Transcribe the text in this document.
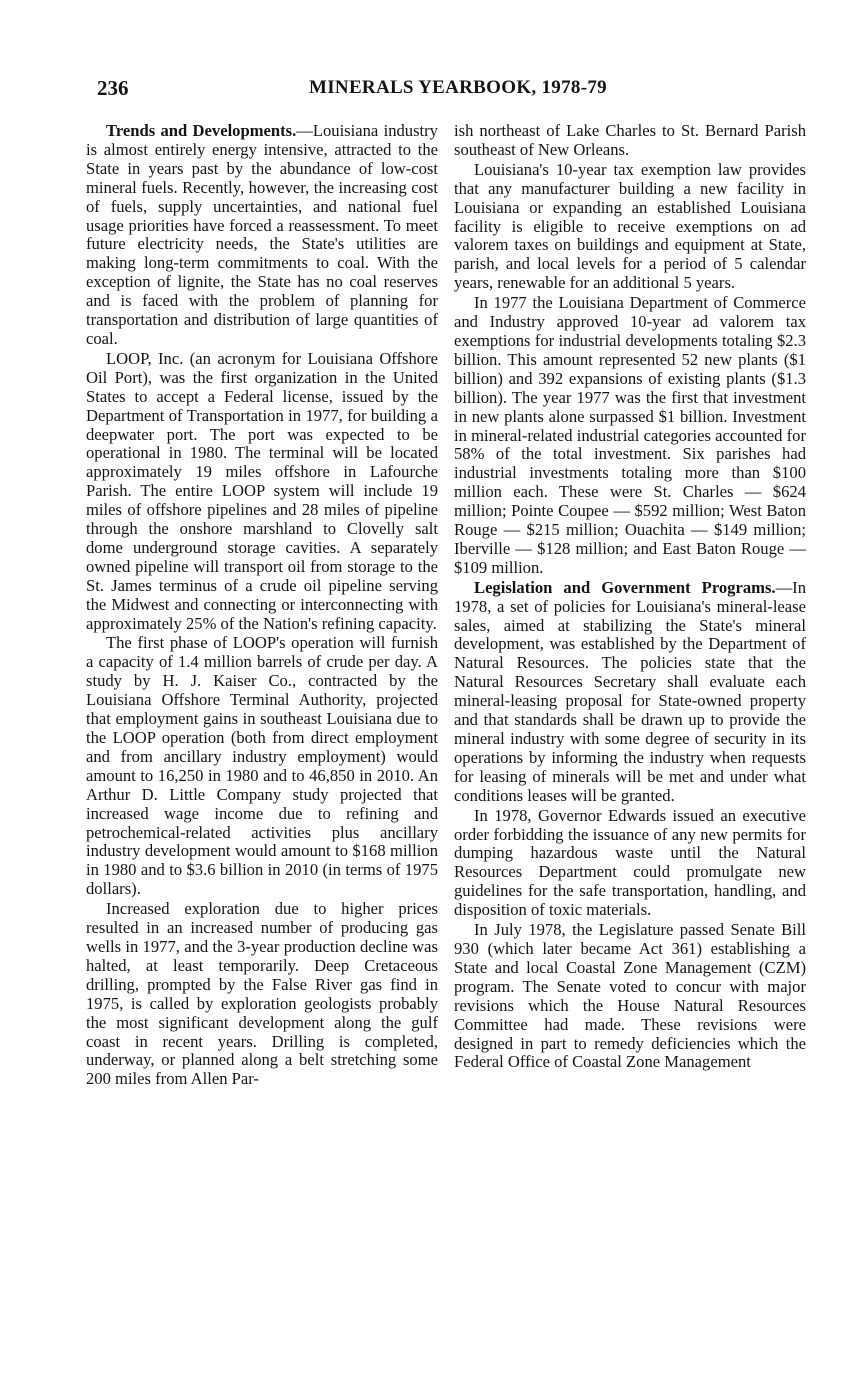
236	MINERALS YEARBOOK, 1978-79

Trends and Developments.—Louisiana industry is almost entirely energy intensive, attracted to the State in years past by the abundance of low-cost mineral fuels. Recently, however, the increasing cost of fuels, supply uncertainties, and national fuel usage priorities have forced a reassessment. To meet future electricity needs, the State's utilities are making long-term commitments to coal. With the exception of lignite, the State has no coal reserves and is faced with the problem of planning for transportation and distribution of large quantities of coal.

LOOP, Inc. (an acronym for Louisiana Offshore Oil Port), was the first organization in the United States to accept a Federal license, issued by the Department of Transportation in 1977, for building a deepwater port. The port was expected to be operational in 1980. The terminal will be located approximately 19 miles offshore in Lafourche Parish. The entire LOOP system will include 19 miles of offshore pipelines and 28 miles of pipeline through the onshore marshland to Clovelly salt dome underground storage cavities. A separately owned pipeline will transport oil from storage to the St. James terminus of a crude oil pipeline serving the Midwest and connecting or interconnecting with approximately 25% of the Nation's refining capacity.

The first phase of LOOP's operation will furnish a capacity of 1.4 million barrels of crude per day. A study by H. J. Kaiser Co., contracted by the Louisiana Offshore Terminal Authority, projected that employment gains in southeast Louisiana due to the LOOP operation (both from direct employment and from ancillary industry employment) would amount to 16,250 in 1980 and to 46,850 in 2010. An Arthur D. Little Company study projected that increased wage income due to refining and petrochemical-related activities plus ancillary industry development would amount to $168 million in 1980 and to $3.6 billion in 2010 (in terms of 1975 dollars).

Increased exploration due to higher prices resulted in an increased number of producing gas wells in 1977, and the 3-year production decline was halted, at least temporarily. Deep Cretaceous drilling, prompted by the False River gas find in 1975, is called by exploration geologists probably the most significant development along the gulf coast in recent years. Drilling is completed, underway, or planned along a belt stretching some 200 miles from Allen Par-

ish northeast of Lake Charles to St. Bernard Parish southeast of New Orleans.

Louisiana's 10-year tax exemption law provides that any manufacturer building a new facility in Louisiana or expanding an established Louisiana facility is eligible to receive exemptions on ad valorem taxes on buildings and equipment at State, parish, and local levels for a period of 5 calendar years, renewable for an additional 5 years.

In 1977 the Louisiana Department of Commerce and Industry approved 10-year ad valorem tax exemptions for industrial developments totaling $2.3 billion. This amount represented 52 new plants ($1 billion) and 392 expansions of existing plants ($1.3 billion). The year 1977 was the first that investment in new plants alone surpassed $1 billion. Investment in mineral-related industrial categories accounted for 58% of the total investment. Six parishes had industrial investments totaling more than $100 million each. These were St. Charles — $624 million; Pointe Coupee — $592 million; West Baton Rouge — $215 million; Ouachita — $149 million; Iberville — $128 million; and East Baton Rouge — $109 million.

Legislation and Government Programs.—In 1978, a set of policies for Louisiana's mineral-lease sales, aimed at stabilizing the State's mineral development, was established by the Department of Natural Resources. The policies state that the Natural Resources Secretary shall evaluate each mineral-leasing proposal for State-owned property and that standards shall be drawn up to provide the mineral industry with some degree of security in its operations by informing the industry when requests for leasing of minerals will be met and under what conditions leases will be granted.

In 1978, Governor Edwards issued an executive order forbidding the issuance of any new permits for dumping hazardous waste until the Natural Resources Department could promulgate new guidelines for the safe transportation, handling, and disposition of toxic materials.

In July 1978, the Legislature passed Senate Bill 930 (which later became Act 361) establishing a State and local Coastal Zone Management (CZM) program. The Senate voted to concur with major revisions which the House Natural Resources Committee had made. These revisions were designed in part to remedy deficiencies which the Federal Office of Coastal Zone Management
